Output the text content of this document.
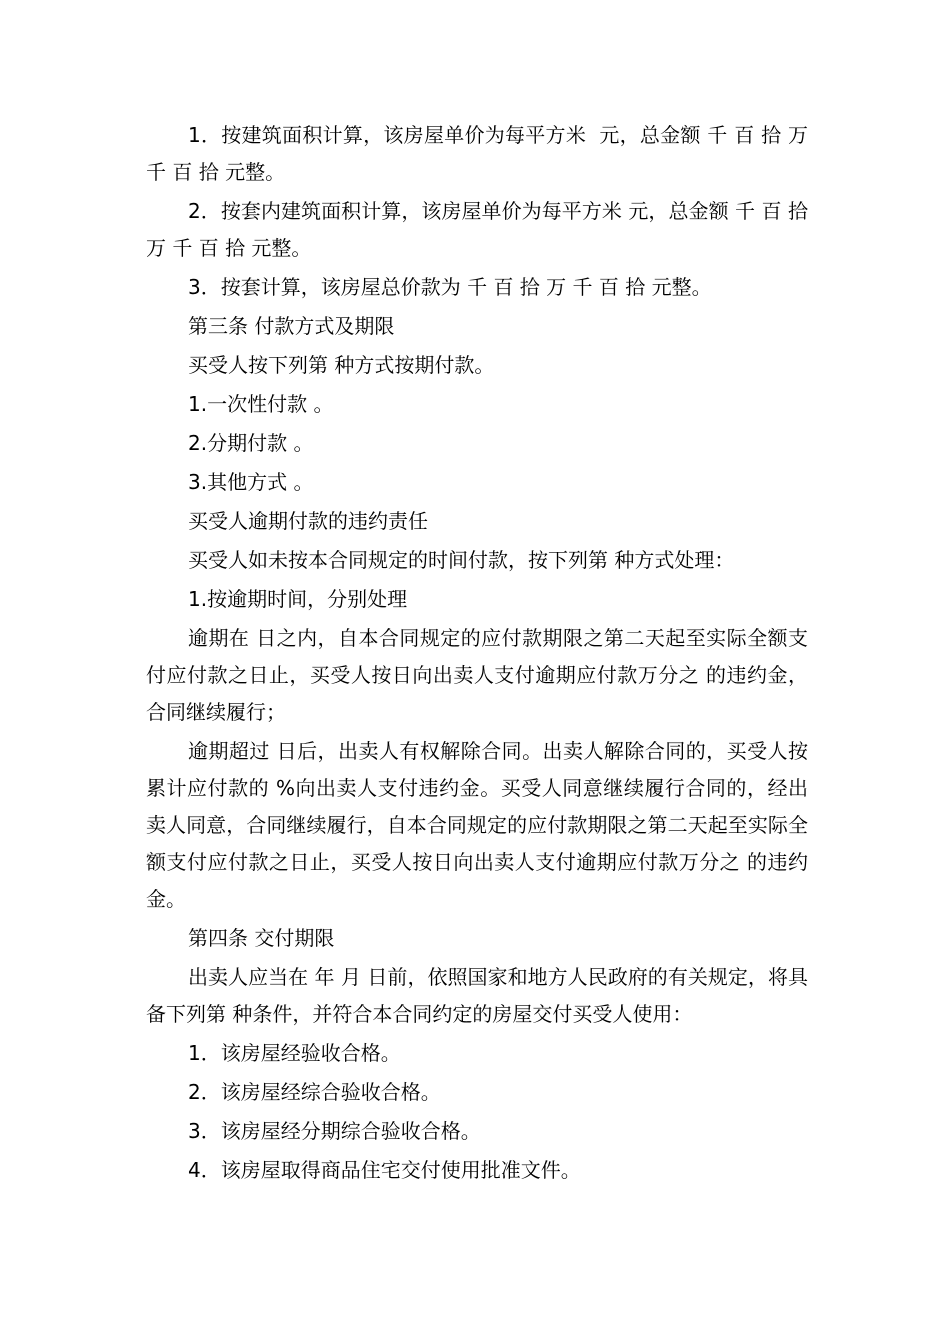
1．按建筑面积计算，该房屋单价为每平方米  元，总金额 千 百 拾 万 千 百 拾 元整。

2．按套内建筑面积计算，该房屋单价为每平方米 元，总金额 千 百 拾 万 千 百 拾 元整。

3．按套计算，该房屋总价款为 千 百 拾 万 千 百 拾 元整。

第三条 付款方式及期限

买受人按下列第 种方式按期付款。

1.一次性付款 。

2.分期付款 。

3.其他方式 。

买受人逾期付款的违约责任

买受人如未按本合同规定的时间付款，按下列第 种方式处理：

1.按逾期时间，分别处理

逾期在 日之内，自本合同规定的应付款期限之第二天起至实际全额支付应付款之日止，买受人按日向出卖人支付逾期应付款万分之 的违约金，合同继续履行；

逾期超过 日后，出卖人有权解除合同。出卖人解除合同的，买受人按累计应付款的 %向出卖人支付违约金。买受人同意继续履行合同的，经出卖人同意，合同继续履行，自本合同规定的应付款期限之第二天起至实际全额支付应付款之日止，买受人按日向出卖人支付逾期应付款万分之 的违约金。

第四条 交付期限

出卖人应当在 年 月 日前，依照国家和地方人民政府的有关规定，将具备下列第 种条件，并符合本合同约定的房屋交付买受人使用：

1．该房屋经验收合格。

2．该房屋经综合验收合格。

3．该房屋经分期综合验收合格。

4．该房屋取得商品住宅交付使用批准文件。
